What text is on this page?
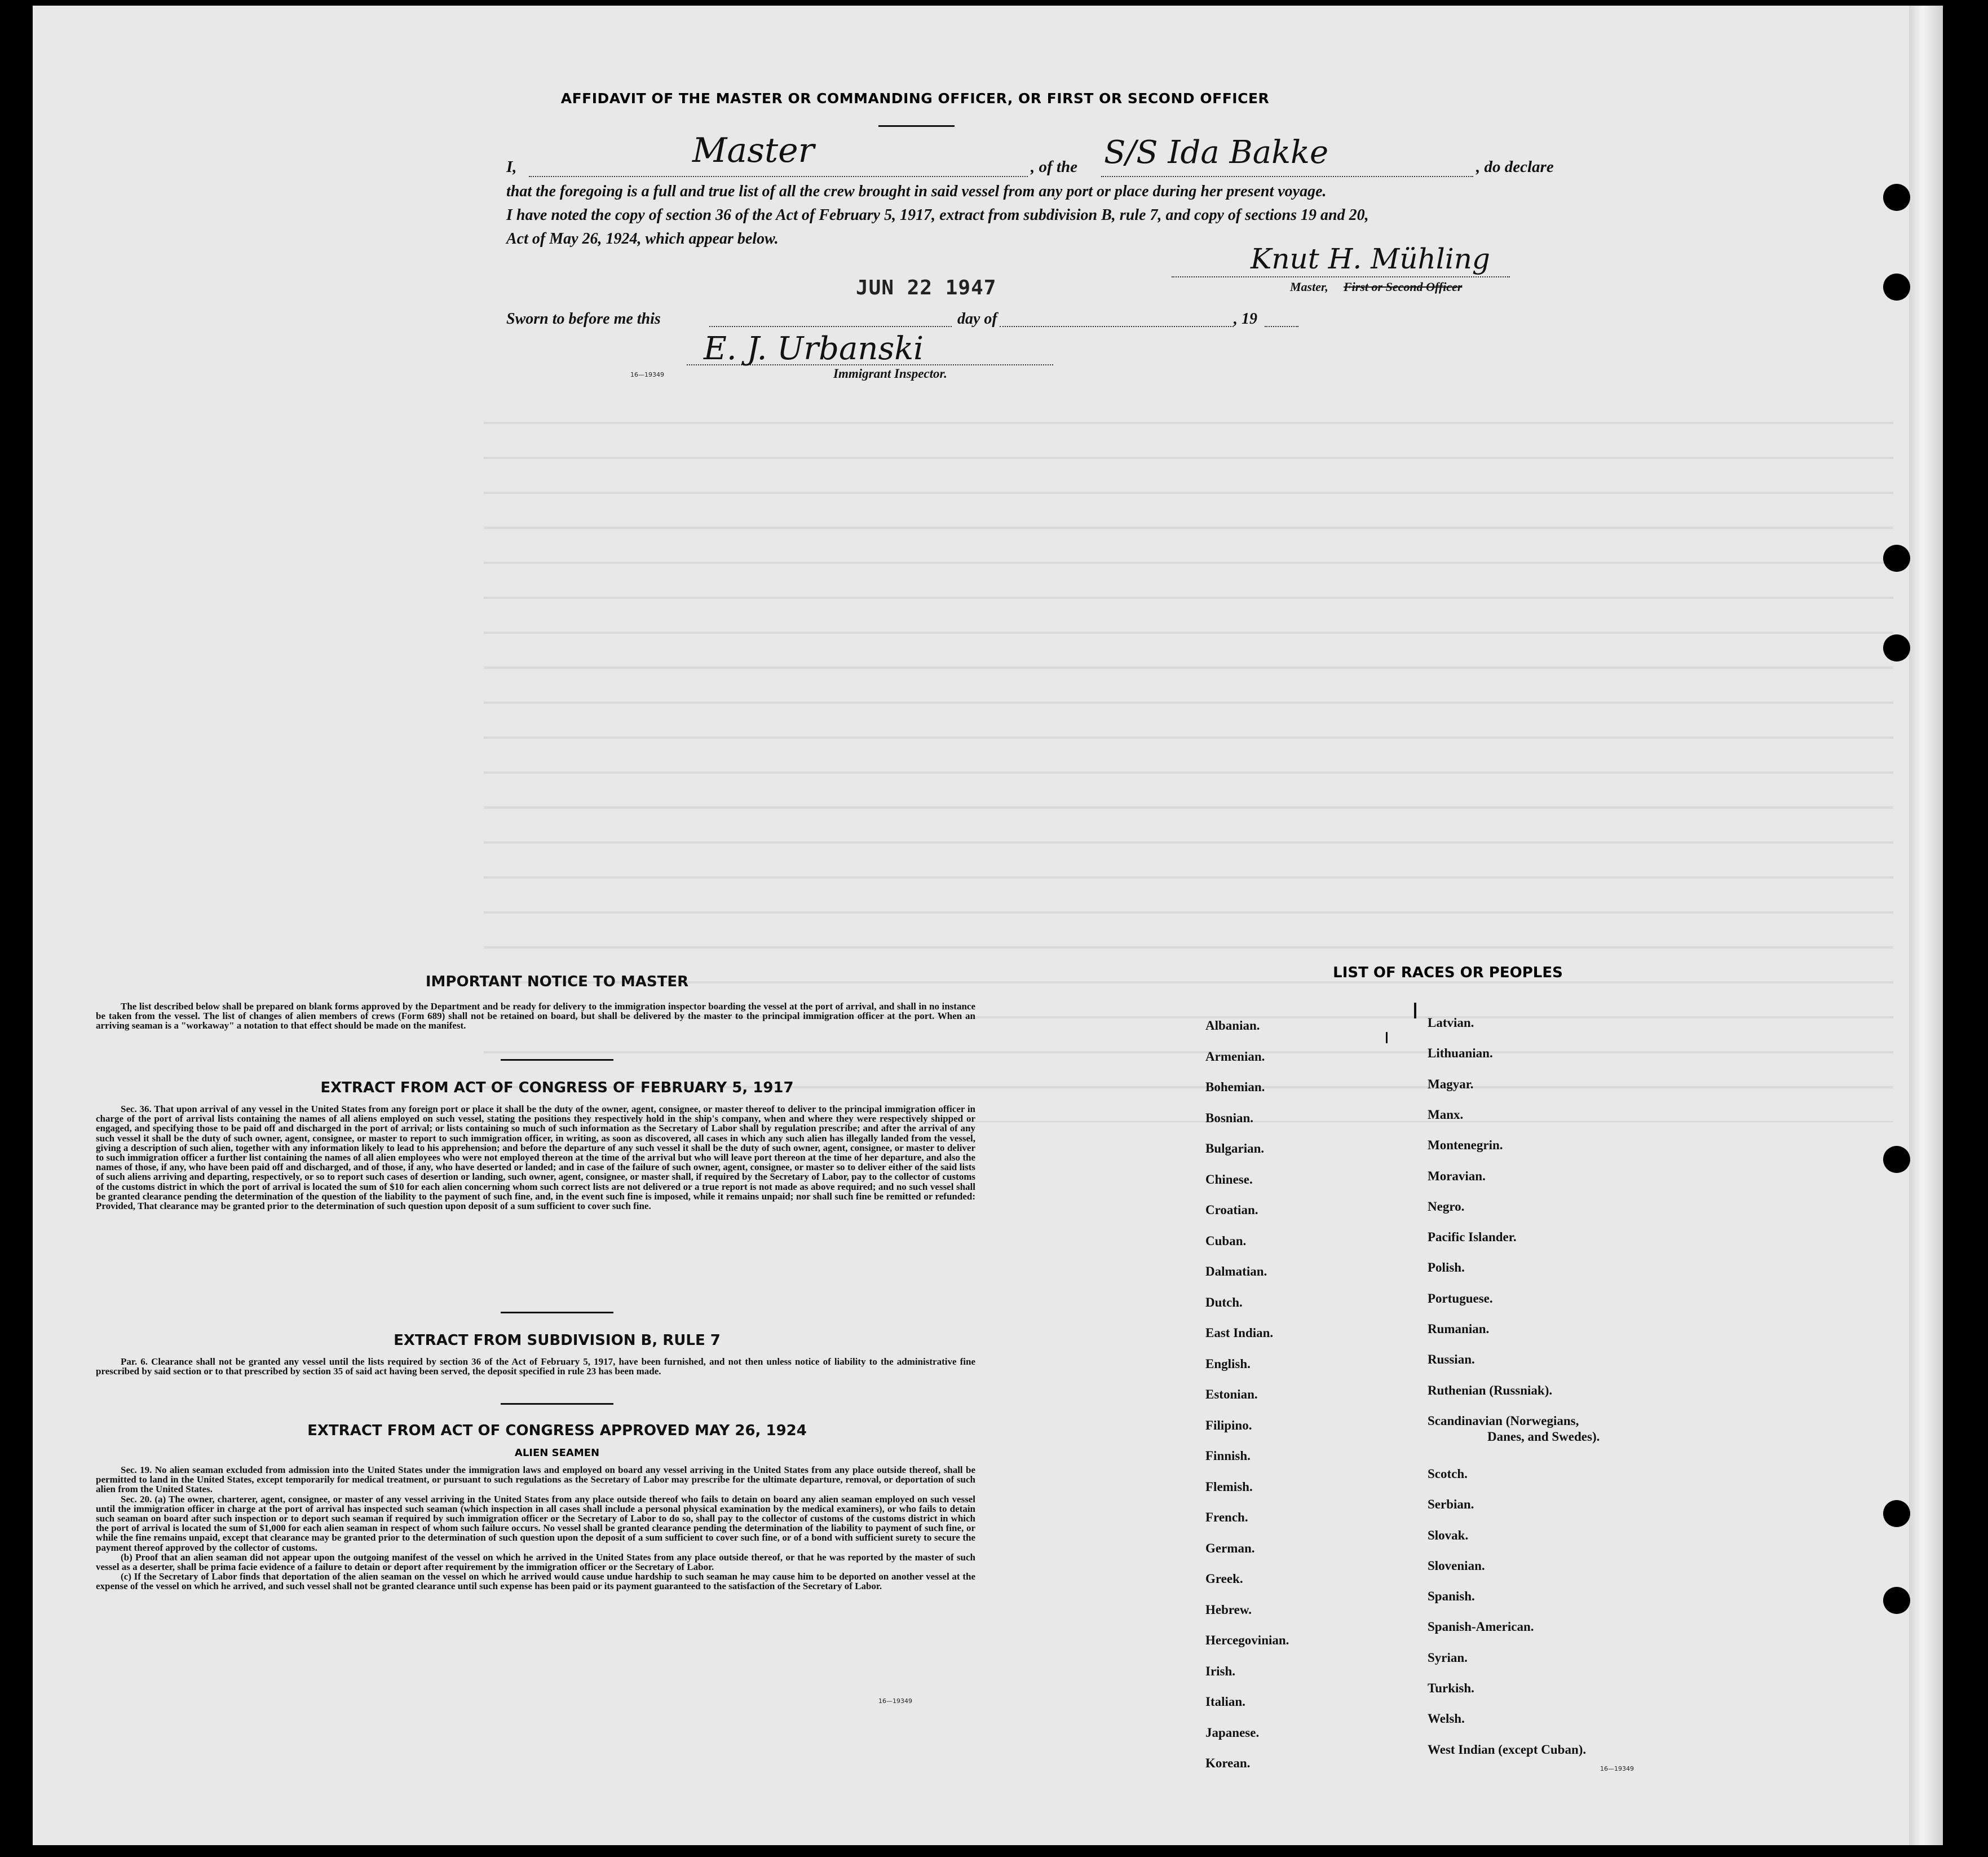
AFFIDAVIT OF THE MASTER OR COMMANDING OFFICER, OR FIRST OR SECOND OFFICER
I,	Master	, of the S/S Ida Bakke	, do declare
that the foregoing is a full and true list of all the crew brought in said vessel from any port or place during her present voyage.
I have noted the copy of section 36 of the Act of February 5, 1917, extract from subdivision B, rule 7, and copy of sections 19 and 20,
Act of May 26, 1924, which appear below.
Knut H. Mühling
Master, First or Second Officer
JUN 22 1947
Sworn to before me this	day of	, 19
E. J. Urbanski
16—19349	Immigrant Inspector.
IMPORTANT NOTICE TO MASTER

The list described below shall be prepared on blank forms approved by the Department and be ready for delivery to the immigration inspector boarding the vessel at the port of arrival, and shall in no instance be taken from the vessel. The list of changes of alien members of crews (Form 689) shall not be retained on board, but shall be delivered by the master to the principal immigration officer at the port. When an arriving seaman is a "workaway" a notation to that effect should be made on the manifest.

EXTRACT FROM ACT OF CONGRESS OF FEBRUARY 5, 1917

Sec. 36. That upon arrival of any vessel in the United States from any foreign port or place it shall be the duty of the owner, agent, consignee, or master thereof to deliver to the principal immigration officer in charge of the port of arrival lists containing the names of all aliens employed on such vessel, stating the positions they respectively hold in the ship's company, when and where they were respectively shipped or engaged, and specifying those to be paid off and discharged in the port of arrival; or lists containing so much of such information as the Secretary of Labor shall by regulation prescribe; and after the arrival of any such vessel it shall be the duty of such owner, agent, consignee, or master to report to such immigration officer, in writing, as soon as discovered, all cases in which any such alien has illegally landed from the vessel, giving a description of such alien, together with any information likely to lead to his apprehension; and before the departure of any such vessel it shall be the duty of such owner, agent, consignee, or master to deliver to such immigration officer a further list containing the names of all alien employees who were not employed thereon at the time of the arrival but who will leave port thereon at the time of her departure, and also the names of those, if any, who have been paid off and discharged, and of those, if any, who have deserted or landed; and in case of the failure of such owner, agent, consignee, or master so to deliver either of the said lists of such aliens arriving and departing, respectively, or so to report such cases of desertion or landing, such owner, agent, consignee, or master shall, if required by the Secretary of Labor, pay to the collector of customs of the customs district in which the port of arrival is located the sum of $10 for each alien concerning whom such correct lists are not delivered or a true report is not made as above required; and no such vessel shall be granted clearance pending the determination of the question of the liability to the payment of such fine, and, in the event such fine is imposed, while it remains unpaid; nor shall such fine be remitted or refunded: Provided, That clearance may be granted prior to the determination of such question upon deposit of a sum sufficient to cover such fine.

EXTRACT FROM SUBDIVISION B, RULE 7

Par. 6. Clearance shall not be granted any vessel until the lists required by section 36 of the Act of February 5, 1917, have been furnished, and not then unless notice of liability to the administrative fine prescribed by said section or to that prescribed by section 35 of said act having been served, the deposit specified in rule 23 has been made.

EXTRACT FROM ACT OF CONGRESS APPROVED MAY 26, 1924
ALIEN SEAMEN

Sec. 19. No alien seaman excluded from admission into the United States under the immigration laws and employed on board any vessel arriving in the United States from any place outside thereof, shall be permitted to land in the United States, except temporarily for medical treatment, or pursuant to such regulations as the Secretary of Labor may prescribe for the ultimate departure, removal, or deportation of such alien from the United States.

Sec. 20. (a) The owner, charterer, agent, consignee, or master of any vessel arriving in the United States from any place outside thereof who fails to detain on board any alien seaman employed on such vessel until the immigration officer in charge at the port of arrival has inspected such seaman (which inspection in all cases shall include a personal physical examination by the medical examiners), or who fails to detain such seaman on board after such inspection or to deport such seaman if required by such immigration officer or the Secretary of Labor to do so, shall pay to the collector of customs of the customs district in which the port of arrival is located the sum of $1,000 for each alien seaman in respect of whom such failure occurs. No vessel shall be granted clearance pending the determination of the liability to payment of such fine, or while the fine remains unpaid, except that clearance may be granted prior to the determination of such question upon the deposit of a sum sufficient to cover such fine, or of a bond with sufficient surety to secure the payment thereof approved by the collector of customs.

(b) Proof that an alien seaman did not appear upon the outgoing manifest of the vessel on which he arrived in the United States from any place outside thereof, or that he was reported by the master of such vessel as a deserter, shall be prima facie evidence of a failure to detain or deport after requirement by the immigration officer or the Secretary of Labor.

(c) If the Secretary of Labor finds that deportation of the alien seaman on the vessel on which he arrived would cause undue hardship to such seaman he may cause him to be deported on another vessel at the expense of the vessel on which he arrived, and such vessel shall not be granted clearance until such expense has been paid or its payment guaranteed to the satisfaction of the Secretary of Labor.

16—19349
LIST OF RACES OR PEOPLES
Albanian.
Armenian.
Bohemian.
Bosnian.
Bulgarian.
Chinese.
Croatian.
Cuban.
Dalmatian.
Dutch.
East Indian.
English.
Estonian.
Filipino.
Finnish.
Flemish.
French.
German.
Greek.
Hebrew.
Hercegovinian.
Irish.
Italian.
Japanese.
Korean.
Latvian.
Lithuanian.
Magyar.
Manx.
Montenegrin.
Moravian.
Negro.
Pacific Islander.
Polish.
Portuguese.
Rumanian.
Russian.
Ruthenian (Russniak).
Scandinavian (Norwegians,
Danes, and Swedes).
Scotch.
Serbian.
Slovak.
Slovenian.
Spanish.
Spanish-American.
Syrian.
Turkish.
Welsh.
West Indian (except Cuban).
16—19349
